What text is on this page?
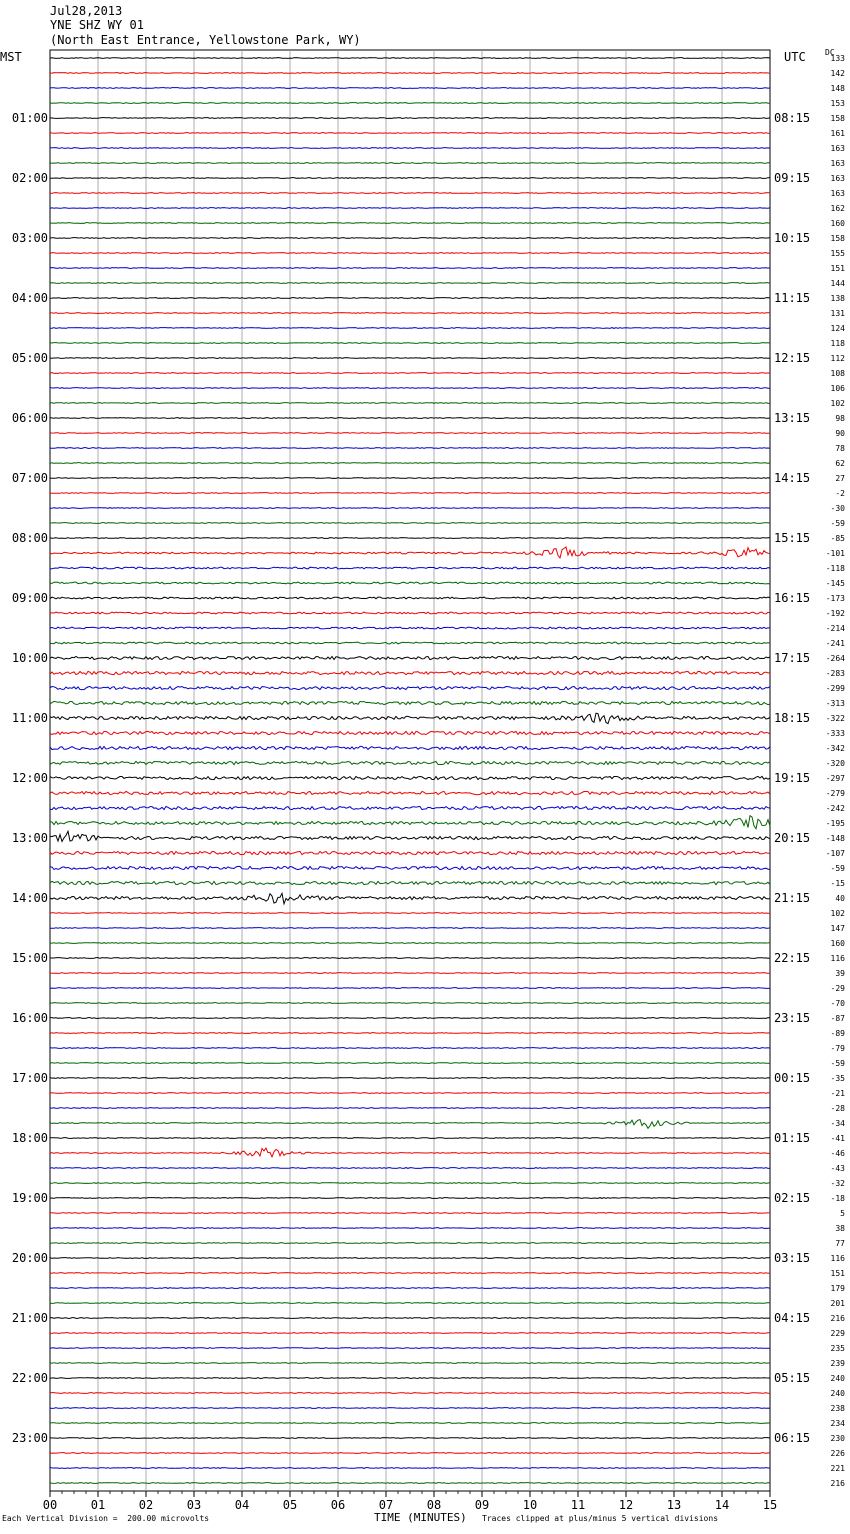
Jul28,2013
YNE SHZ WY 01
(North East Entrance, Yellowstone Park, WY)
MST	UTC DC
00	01	02	03	04	05	06	07	08	09	10	11	12	13	14	15
133
142
148
153
158
161
163
163
163
163
162
160
158
155
151
144
138
131
124
118
112
108
106
102
98
90
78
62
27
-2
-30
-59
-85
-101
-118
-145
-173
-192
-214
-241
-264
-283
-299
-313
-322
-333
-342
-320
-297
-279
-242
-195
-148
-107
-59
-15
40
102
147
160
116
39
-29
-70
-87
-89
-79
-59
-35
-21
-28
-34
-41
-46
-43
-32
-18
5
38
77
116
151
179
201
216
229
235
239
240
240
238
234
230
226
221
216
01:00	08:15
02:00	09:15
03:00	10:15
04:00	11:15
05:00	12:15
06:00	13:15
07:00	14:15
08:00	15:15
09:00	16:15
10:00	17:15
11:00	18:15
12:00	19:15
13:00	20:15
14:00	21:15
15:00	22:15
16:00	23:15
17:00	00:15
18:00	01:15
19:00	02:15
20:00	03:15
21:00	04:15
22:00	05:15
23:00	06:15
Each Vertical Division =  200.00 microvolts	TIME (MINUTES) Traces clipped at plus/minus 5 vertical divisions
